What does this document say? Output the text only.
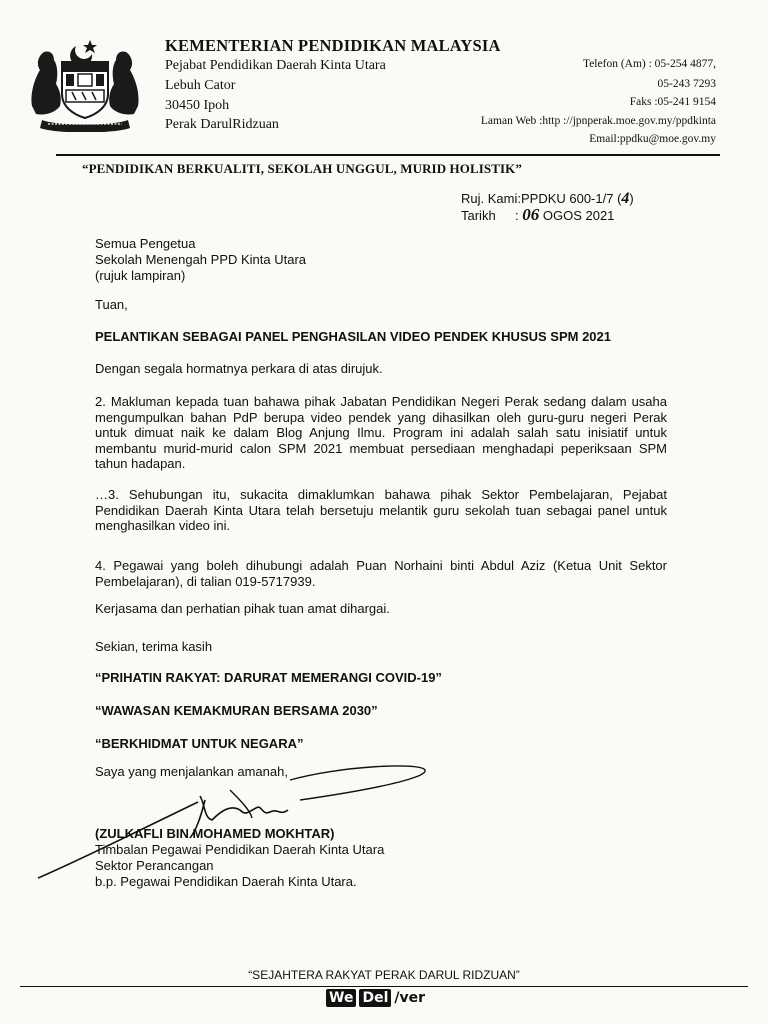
KEMENTERIAN PENDIDIKAN MALAYSIA
Pejabat Pendidikan Daerah Kinta Utara
Lebuh Cator
30450 Ipoh
Perak DarulRidzuan
Telefon (Am) : 05-254 4877,
05-243 7293
Faks :05-241 9154
Laman Web :http ://jpnperak.moe.gov.my/ppdkinta
Email:ppdku@moe.gov.my
“PENDIDIKAN BERKUALITI, SEKOLAH UNGGUL, MURID HOLISTIK”
Ruj. Kami:PPDKU 600-1/7 (4)
Tarikh : 06 OGOS 2021
Semua Pengetua
Sekolah Menengah PPD Kinta Utara
(rujuk lampiran)
Tuan,
PELANTIKAN SEBAGAI PANEL PENGHASILAN VIDEO PENDEK KHUSUS SPM 2021
Dengan segala hormatnya perkara di atas dirujuk.
2. Makluman kepada tuan bahawa pihak Jabatan Pendidikan Negeri Perak sedang dalam usaha mengumpulkan bahan PdP berupa video pendek yang dihasilkan oleh guru-guru negeri Perak untuk dimuat naik ke dalam Blog Anjung Ilmu. Program ini adalah salah satu inisiatif untuk membantu murid-murid calon SPM 2021 membuat persediaan menghadapi peperiksaan SPM tahun hadapan.
…3. Sehubungan itu, sukacita dimaklumkan bahawa pihak Sektor Pembelajaran, Pejabat Pendidikan Daerah Kinta Utara telah bersetuju melantik guru sekolah tuan sebagai panel untuk menghasilkan video ini.
4. Pegawai yang boleh dihubungi adalah Puan Norhaini binti Abdul Aziz (Ketua Unit Sektor Pembelajaran), di talian 019-5717939.
Kerjasama dan perhatian pihak tuan amat dihargai.
Sekian, terima kasih
“PRIHATIN RAKYAT: DARURAT MEMERANGI COVID-19”
“WAWASAN KEMAKMURAN BERSAMA 2030”
“BERKHIDMAT UNTUK NEGARA”
Saya yang menjalankan amanah,
(ZULKAFLI BIN MOHAMED MOKHTAR)
Timbalan Pegawai Pendidikan Daerah Kinta Utara
Sektor Perancangan
b.p. Pegawai Pendidikan Daerah Kinta Utara.
“SEJAHTERA RAKYAT PERAK DARUL RIDZUAN”
We Del /ver
